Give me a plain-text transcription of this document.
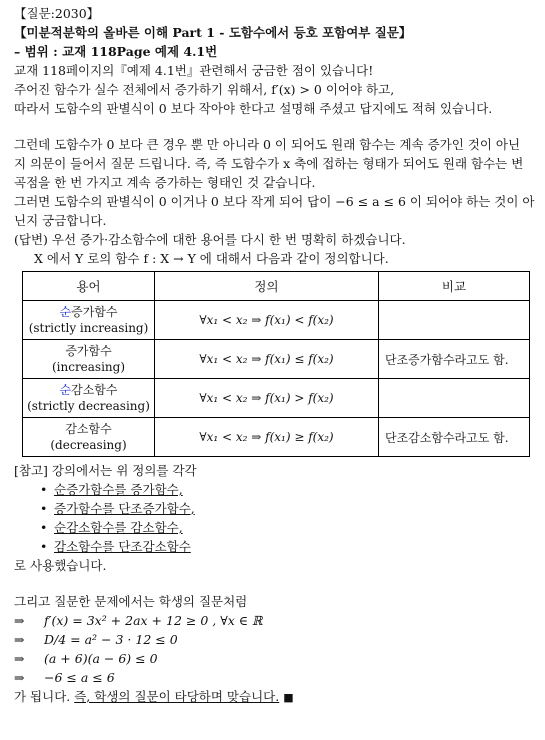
【질문:2030】
【미분적분학의 올바른 이해 Part 1 - 도함수에서 등호 포함여부 질문】
– 범위 : 교재 118Page 예제 4.1번
교재 118페이지의『예제 4.1번』관련해서 궁금한 점이 있습니다!
주어진 함수가 실수 전체에서 증가하기 위해서, f′(x) > 0 이어야 하고,
따라서 도함수의 판별식이 0 보다 작아야 한다고 설명해 주셨고 답지에도 적혀 있습니다.
그런데 도함수가 0 보다 큰 경우 뿐 만 아니라 0 이 되어도 원래 함수는 계속 증가인 것이 아닌
지 의문이 들어서 질문 드립니다. 즉, 즉 도함수가 x 축에 접하는 형태가 되어도 원래 함수는 변
곡점을 한 번 가지고 계속 증가하는 형태인 것 같습니다.
그러면 도함수의 판별식이 0 이거나 0 보다 작게 되어 답이 −6 ≤ a ≤ 6 이 되어야 하는 것이 아
닌지 궁금합니다.
(답변) 우선 증가·감소함수에 대한 용어를 다시 한 번 명확히 하겠습니다.
X 에서 Y 로의 함수 f : X → Y 에 대해서 다음과 같이 정의합니다.
용어	정의	비교

순증가함수
(strictly increasing)	∀x₁ < x₂ ⇒ f(x₁) < f(x₂)	

증가함수
(increasing)	∀x₁ < x₂ ⇒ f(x₁) ≤ f(x₂)	단조증가함수라고도 함.

순감소함수
(strictly decreasing)	∀x₁ < x₂ ⇒ f(x₁) > f(x₂)	

감소함수
(decreasing)	∀x₁ < x₂ ⇒ f(x₁) ≥ f(x₂)	단조감소함수라고도 함.
[참고] 강의에서는 위 정의를 각각
• 순증가함수를 증가함수,
• 증가함수를 단조증가함수,
• 순감소함수를 감소함수,
• 감소함수를 단조감소함수
로 사용했습니다.
그리고 질문한 문제에서는 학생의 질문처럼
⇒ f′(x) = 3x² + 2ax + 12 ≥ 0 , ∀x ∈ ℝ
⇒ D/4 = a² − 3 · 12 ≤ 0
⇒ (a + 6)(a − 6) ≤ 0
⇒ −6 ≤ a ≤ 6
가 됩니다. 즉, 학생의 질문이 타당하며 맞습니다. ■
